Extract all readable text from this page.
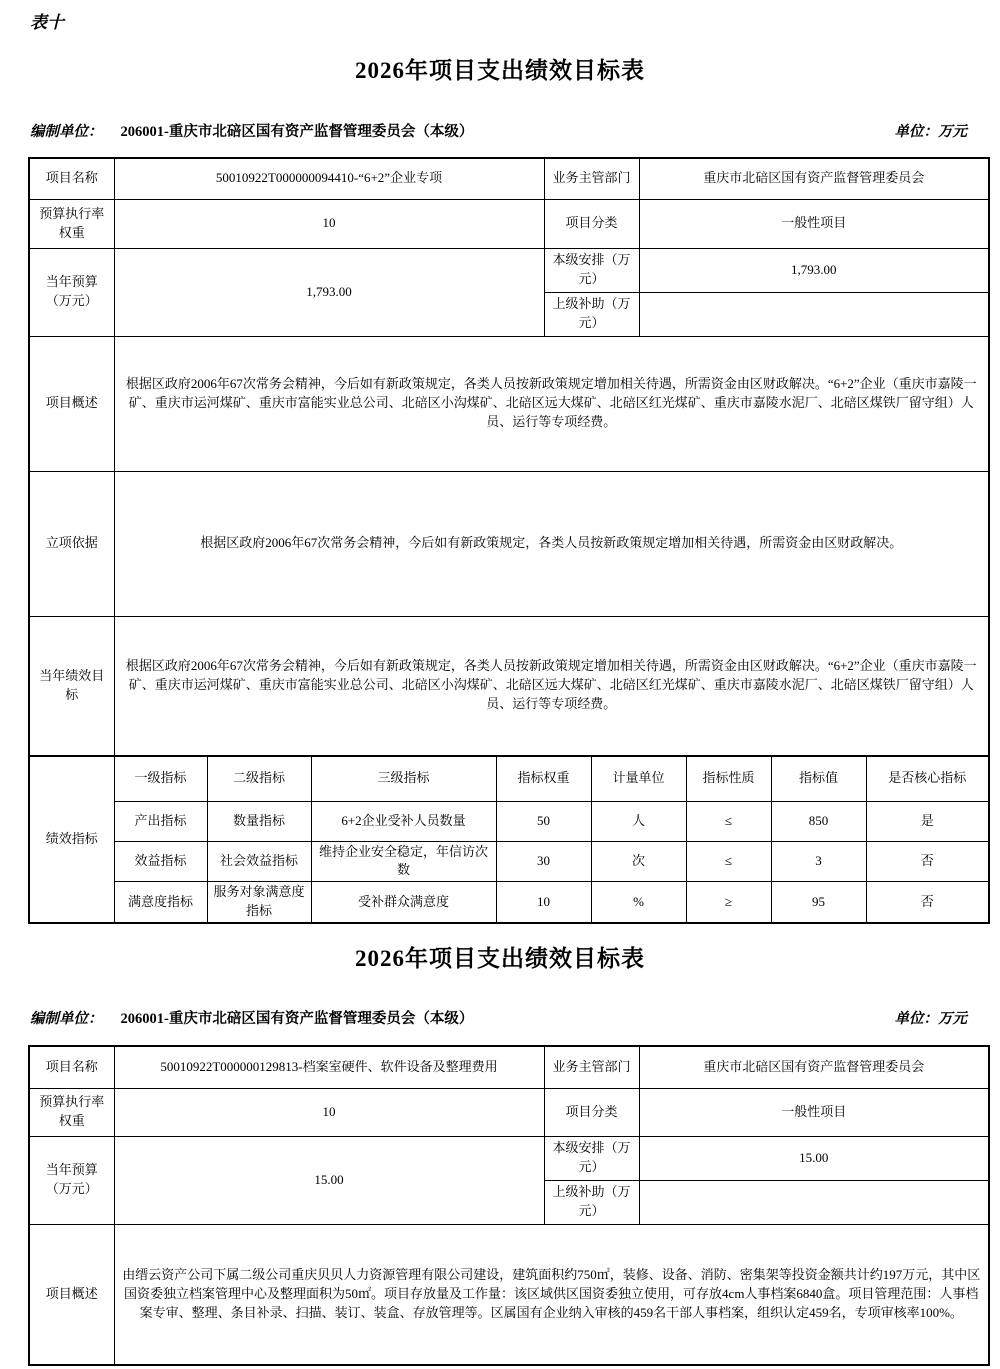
表十
2026年项目支出绩效目标表
编制单位： 206001-重庆市北碚区国有资产监督管理委员会（本级）	单位：万元
项目名称	50010922T000000094410-“6+2”企业专项	业务主管部门	重庆市北碚区国有资产监督管理委员会
预算执行率权重	10	项目分类	一般性项目
当年预算（万元）	1,793.00	本级安排（万元）	1,793.00
		上级补助（万元）	
项目概述	根据区政府2006年67次常务会精神，今后如有新政策规定，各类人员按新政策规定增加相关待遇，所需资金由区财政解决。“6+2”企业（重庆市嘉陵一矿、重庆市运河煤矿、重庆市富能实业总公司、北碚区小沟煤矿、北碚区远大煤矿、北碚区红光煤矿、重庆市嘉陵水泥厂、北碚区煤铁厂留守组）人员、运行等专项经费。		
立项依据	根据区政府2006年67次常务会精神，今后如有新政策规定，各类人员按新政策规定增加相关待遇，所需资金由区财政解决。		
当年绩效目标	根据区政府2006年67次常务会精神，今后如有新政策规定，各类人员按新政策规定增加相关待遇，所需资金由区财政解决。“6+2”企业（重庆市嘉陵一矿、重庆市运河煤矿、重庆市富能实业总公司、北碚区小沟煤矿、北碚区远大煤矿、北碚区红光煤矿、重庆市嘉陵水泥厂、北碚区煤铁厂留守组）人员、运行等专项经费。		
绩效指标	一级指标	二级指标	三级指标	指标权重	计量单位	指标性质	指标值	是否核心指标
	产出指标	数量指标	6+2企业受补人员数量	50	人	≤	850	是
	效益指标	社会效益指标	维持企业安全稳定，年信访次数	30	次	≤	3	否
	满意度指标	服务对象满意度指标	受补群众满意度	10	%	≥	95	否
2026年项目支出绩效目标表
编制单位： 206001-重庆市北碚区国有资产监督管理委员会（本级）	单位：万元
项目名称	50010922T000000129813-档案室硬件、软件设备及整理费用	业务主管部门	重庆市北碚区国有资产监督管理委员会
预算执行率权重	10	项目分类	一般性项目
当年预算（万元）	15.00	本级安排（万元）	15.00
		上级补助（万元）	
项目概述	由缙云资产公司下属二级公司重庆贝贝人力资源管理有限公司建设，建筑面积约750㎡，装修、设备、消防、密集架等投资金额共计约197万元，其中区国资委独立档案管理中心及整理面积为50㎡。项目存放量及工作量：该区域供区国资委独立使用，可存放4cm人事档案6840盒。项目管理范围：人事档案专审、整理、条目补录、扫描、装订、装盒、存放管理等。区属国有企业纳入审核的459名干部人事档案，组织认定459名，专项审核率100%。		
